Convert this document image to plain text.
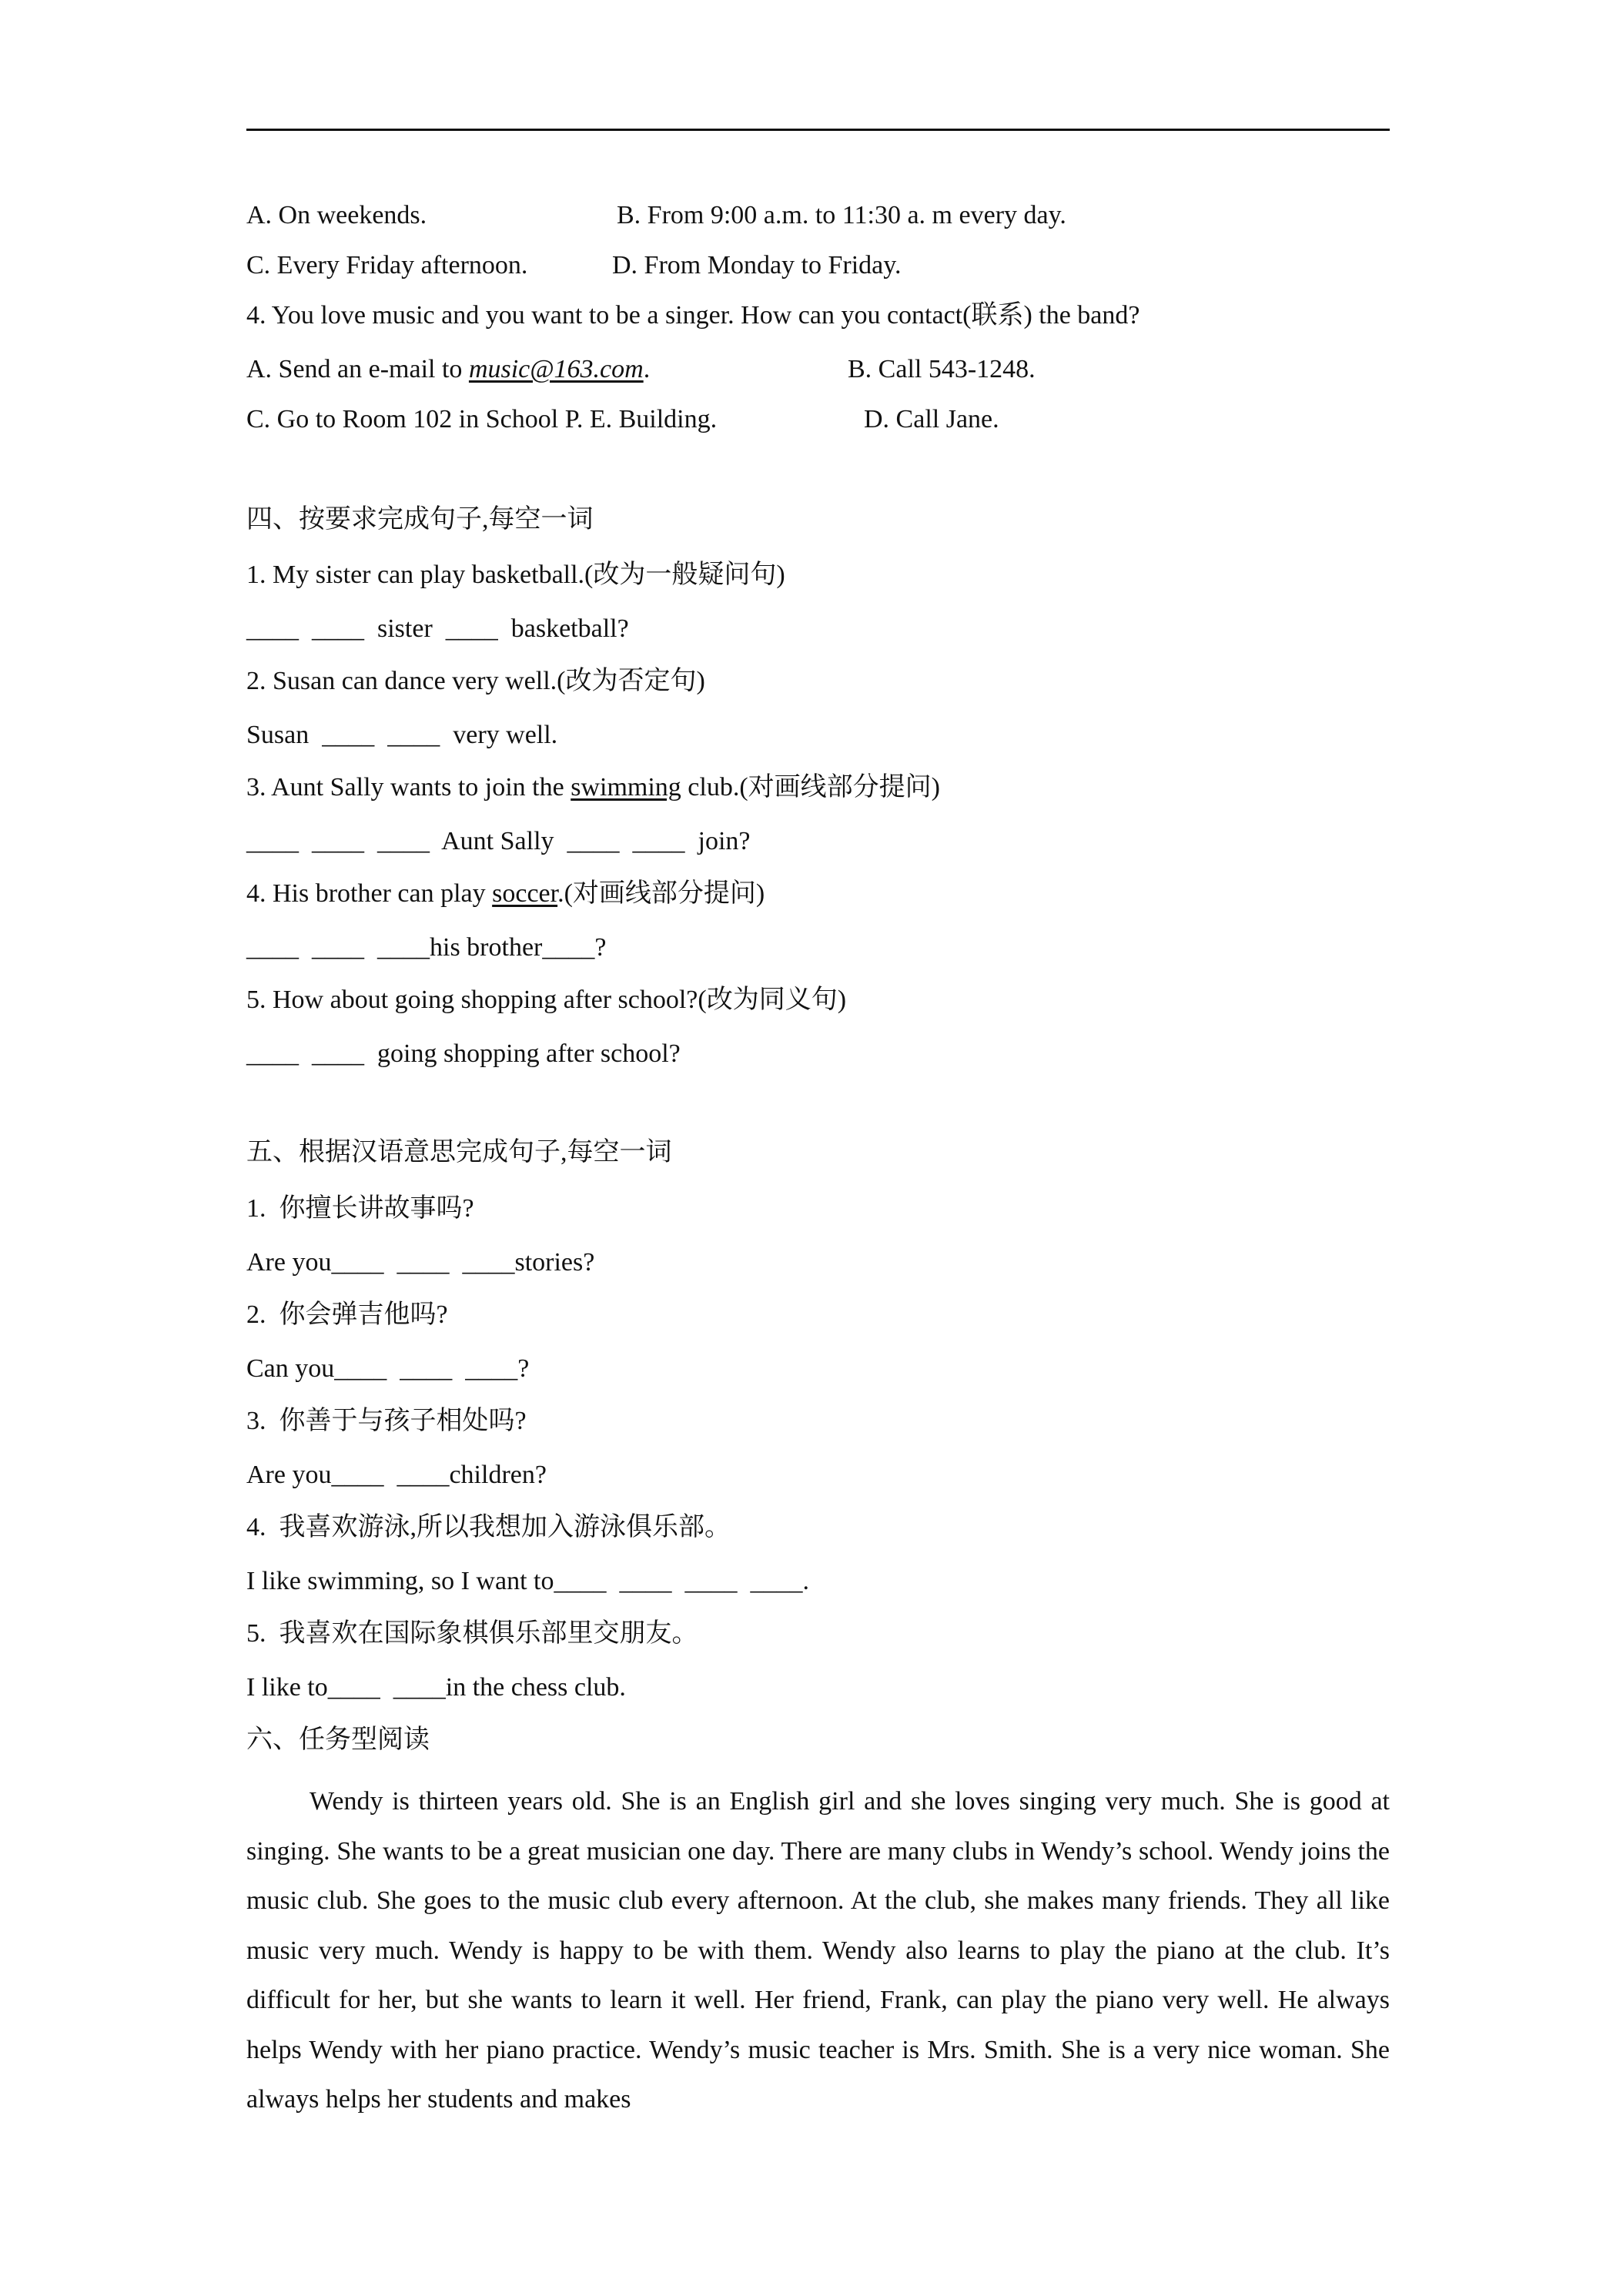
A. On weekends.	B. From 9:00 a.m. to 11:30 a. m every day.
C. Every Friday afternoon.	D. From Monday to Friday.
4. You love music and you want to be a singer. How can you contact(联系) the band?
A. Send an e-mail to music@163.com.	B. Call 543-1248.
C. Go to Room 102 in School P. E. Building.	D. Call Jane.
四、按要求完成句子,每空一词
1. My sister can play basketball.(改为一般疑问句)
____  ____  sister  ____  basketball?
2. Susan can dance very well.(改为否定句)
Susan  ____  ____  very well.
3. Aunt Sally wants to join the swimming club.(对画线部分提问)
____  ____  ____  Aunt Sally  ____  ____  join?
4. His brother can play soccer.(对画线部分提问)
____  ____  ____his brother____?
5. How about going shopping after school?(改为同义句)
____  ____  going shopping after school?
五、根据汉语意思完成句子,每空一词
1.  你擅长讲故事吗?
Are you____  ____  ____stories?
2.  你会弹吉他吗?
Can you____  ____  ____?
3.  你善于与孩子相处吗?
Are you____  ____children?
4.  我喜欢游泳,所以我想加入游泳俱乐部。
I like swimming, so I want to____  ____  ____  ____.
5.  我喜欢在国际象棋俱乐部里交朋友。
I like to____  ____in the chess club.
六、任务型阅读
Wendy is thirteen years old. She is an English girl and she loves singing very much. She is good at singing. She wants to be a great musician one day. There are many clubs in Wendy’s school. Wendy joins the music club. She goes to the music club every afternoon. At the club, she makes many friends. They all like music very much. Wendy is happy to be with them. Wendy also learns to play the piano at the club. It’s difficult for her, but she wants to learn it well. Her friend, Frank, can play the piano very well. He always helps Wendy with her piano practice. Wendy’s music teacher is Mrs. Smith. She is a very nice woman. She always helps her students and makes
